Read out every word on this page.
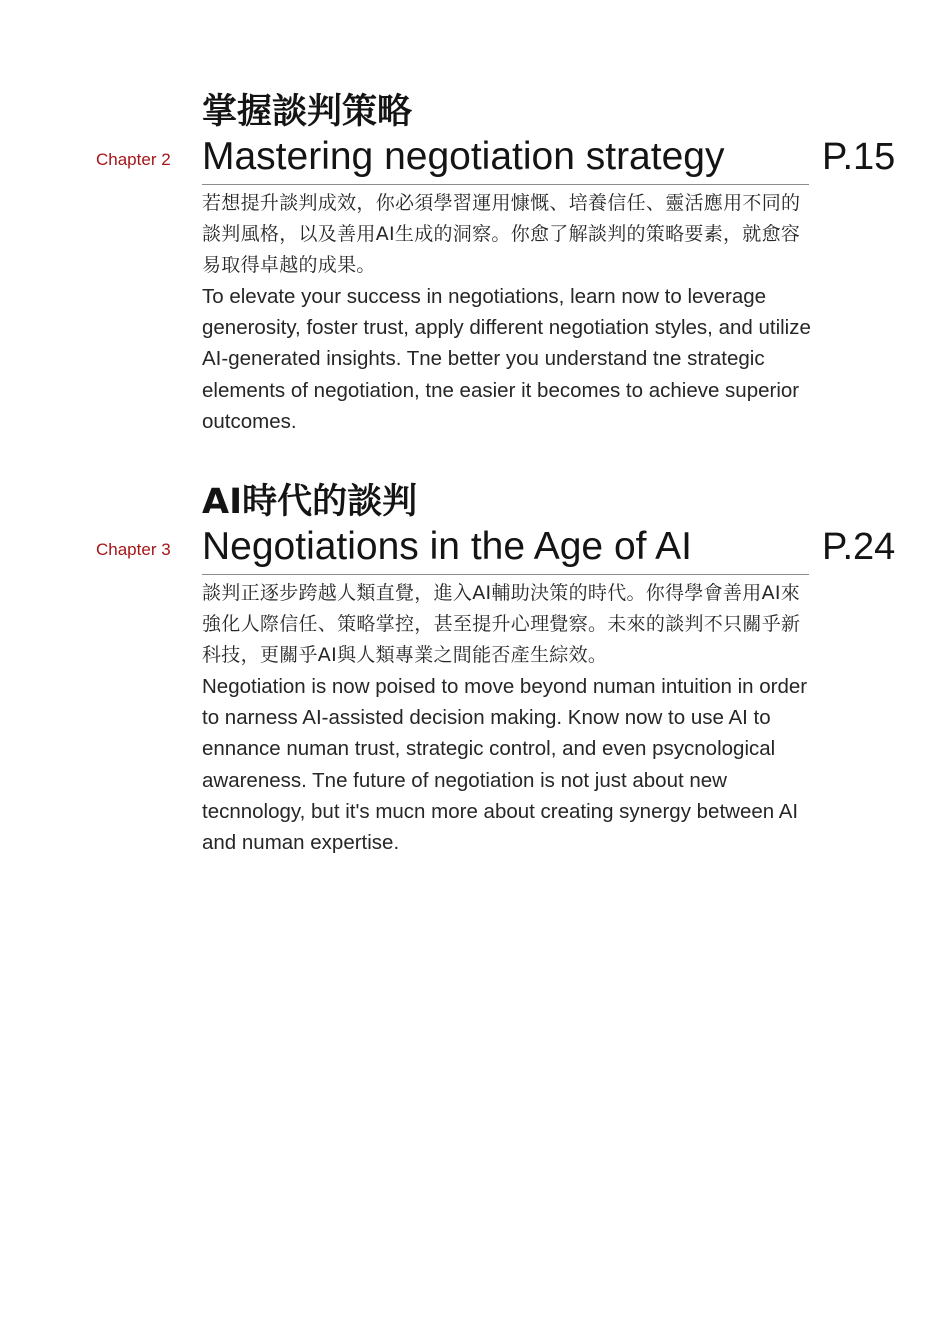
掌握談判策略
Chapter 2 Mastering negotiation strategy	P.15
若想提升談判成效，你必須學習運用慷慨、培養信任、靈活應用不同的談判風格，以及善用AI生成的洞察。你愈了解談判的策略要素，就愈容易取得卓越的成果。
To elevate your success in negotiations, learn now to leverage generosity, foster trust, apply different negotiation styles, and utilize AI-generated insights. Tne better you understand tne strategic elements of negotiation, tne easier it becomes to achieve superior outcomes.
AI時代的談判
Chapter 3 Negotiations in the Age of AI	P.24
談判正逐步跨越人類直覺，進入AI輔助決策的時代。你得學會善用AI來強化人際信任、策略掌控，甚至提升心理覺察。未來的談判不只關乎新科技，更關乎AI與人類專業之間能否產生綜效。
Negotiation is now poised to move beyond numan intuition in order to narness AI-assisted decision making. Know now to use AI to ennance numan trust, strategic control, and even psycnological awareness. Tne future of negotiation is not just about new tecnnology, but it's mucn more about creating synergy between AI and numan expertise.
